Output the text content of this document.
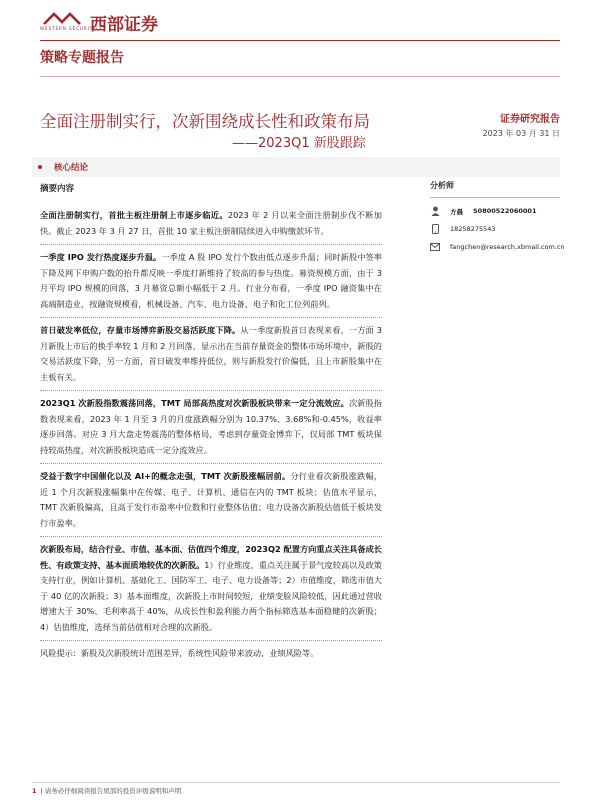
西部证券
WESTERN SECURITIES
策略专题报告
全面注册制实行，次新围绕成长性和政策布局
——2023Q1 新股跟踪
证券研究报告
2023 年 03 月 31 日
核心结论
摘要内容
全面注册制实行，首批主板注册制上市逐步临近。2023 年 2 月以来全面注册制步伐不断加快。截止 2023 年 3 月 27 日，首批 10 家主板注册制陆续进入申购缴款环节。
一季度 IPO 发行热度逐步升温。一季度 A 股 IPO 发行个数由低点逐步升温；同时新股中签率下降及网下申购户数的抬升都反映一季度打新维持了较高的参与热度。募资规模方面，由于 3 月平均 IPO 规模的回落，3 月募资总额小幅低于 2 月。行业分布看，一季度 IPO 融资集中在高端制造业，按融资规模看，机械设备、汽车、电力设备、电子和化工位列前列。
首日破发率低位，存量市场博弈新股交易活跃度下降。从一季度新股首日表现来看，一方面 3 月新股上市后的换手率较 1 月和 2 月回落，显示出在当前存量资金的整体市场环境中，新股的交易活跃度下降，另一方面，首日破发率维持低位，则与新股发行价偏低，且上市新股集中在主板有关。
2023Q1 次新股指数震荡回落，TMT 局部高热度对次新股板块带来一定分流效应。次新股指数表现来看，2023 年 1 月至 3 月的月度涨跌幅分别为 10.37%、3.68%和-0.45%，收益率逐步回落。对应 3 月大盘走势震荡的整体格局，考虑到存量资金博弈下，仅局部 TMT 板块保持较高热度，对次新股板块造成一定分流效应。
受益于数字中国催化以及 AI+的概念走强，TMT 次新股涨幅居前。分行业看次新股涨跌幅，近 1 个月次新股涨幅集中在传媒、电子、计算机、通信在内的 TMT 板块；估值水平显示，TMT 次新股偏高，且高于发行市盈率中位数和行业整体估值；电力设备次新股估值低于板块发行市盈率。
次新股布局，结合行业、市值、基本面、估值四个维度，2023Q2 配置方向重点关注具备成长性、有政策支持、基本面质地较优的次新股。1）行业维度，重点关注属于景气度较高以及政策支持行业，例如计算机、基础化工、国防军工、电子、电力设备等；2）市值维度，筛选市值大于 40 亿的次新股；3）基本面维度，次新股上市时间较短，业绩变脸风险较低，因此通过营收增速大于 30%、毛利率高于 40%，从成长性和盈利能力两个指标筛选基本面稳健的次新股；4）估值维度，选择当前估值相对合理的次新股。
风险提示：新股及次新股统计范围差异，系统性风险带来波动，业绩风险等。
分析师
方晨 S0800522060001
18258275543
fangchen@research.xbmail.com.cn
1 | 请务必仔细阅读报告尾部的投资评级说明和声明
